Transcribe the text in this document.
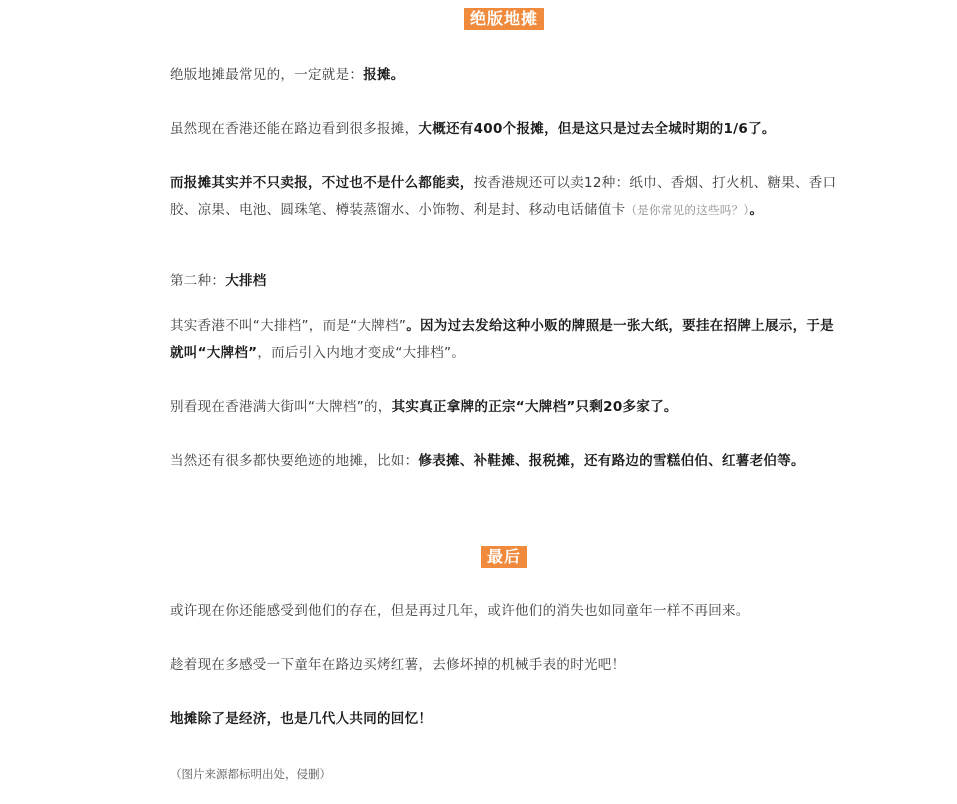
绝版地摊

绝版地摊最常见的，一定就是：报摊。

虽然现在香港还能在路边看到很多报摊，大概还有400个报摊，但是这只是过去全城时期的1/6了。

而报摊其实并不只卖报，不过也不是什么都能卖，按香港规还可以卖12种：纸巾、香烟、打火机、糖果、香口胶、凉果、电池、圆珠笔、樽装蒸馏水、小饰物、利是封、移动电话储值卡（是你常见的这些吗？）。

第二种：大排档

其实香港不叫“大排档”，而是“大牌档”。因为过去发给这种小贩的牌照是一张大纸，要挂在招牌上展示，于是就叫“大牌档”，而后引入内地才变成“大排档”。

别看现在香港满大街叫“大牌档”的，其实真正拿牌的正宗“大牌档”只剩20多家了。

当然还有很多都快要绝迹的地摊，比如：修表摊、补鞋摊、报税摊，还有路边的雪糕伯伯、红薯老伯等。

最后

或许现在你还能感受到他们的存在，但是再过几年，或许他们的消失也如同童年一样不再回来。

趁着现在多感受一下童年在路边买烤红薯，去修坏掉的机械手表的时光吧！

地摊除了是经济，也是几代人共同的回忆！

（图片来源都标明出处，侵删）
